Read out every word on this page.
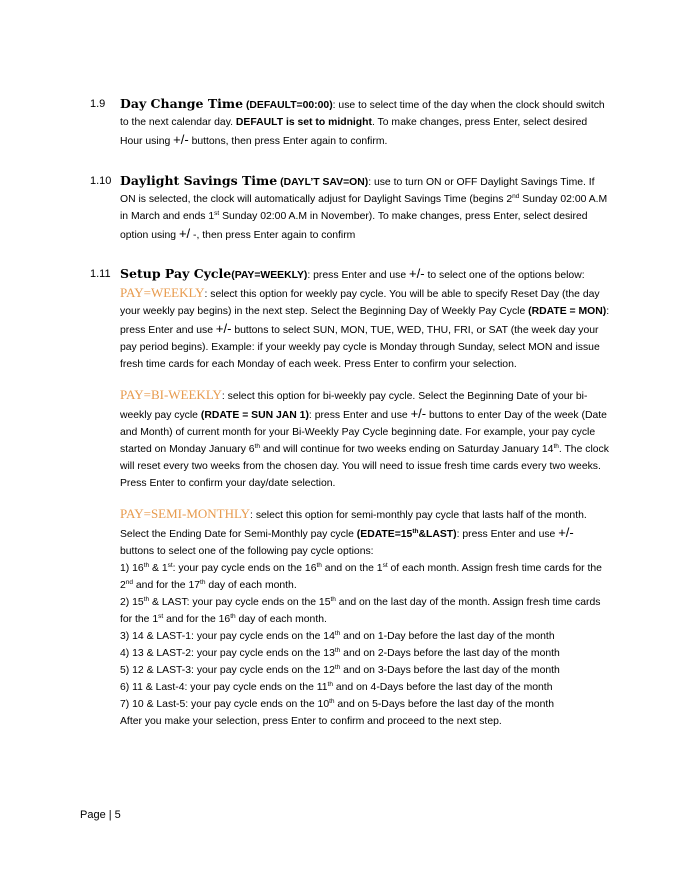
1.9 Day Change Time (DEFAULT=00:00): use to select time of the day when the clock should switch to the next calendar day. DEFAULT is set to midnight. To make changes, press Enter, select desired Hour using +/- buttons, then press Enter again to confirm.
1.10 Daylight Savings Time (DAYL’T SAV=ON): use to turn ON or OFF Daylight Savings Time. If ON is selected, the clock will automatically adjust for Daylight Savings Time (begins 2nd Sunday 02:00 A.M in March and ends 1st Sunday 02:00 A.M in November). To make changes, press Enter, select desired option using +/ -, then press Enter again to confirm
1.11 Setup Pay Cycle(PAY=WEEKLY): press Enter and use +/- to select one of the options below:
PAY=WEEKLY: select this option for weekly pay cycle. You will be able to specify Reset Day (the day your weekly pay begins) in the next step. Select the Beginning Day of Weekly Pay Cycle (RDATE = MON): press Enter and use +/- buttons to select SUN, MON, TUE, WED, THU, FRI, or SAT (the week day your pay period begins). Example: if your weekly pay cycle is Monday through Sunday, select MON and issue fresh time cards for each Monday of each week. Press Enter to confirm your selection.
PAY=BI-WEEKLY: select this option for bi-weekly pay cycle. Select the Beginning Date of your bi-weekly pay cycle (RDATE = SUN JAN 1): press Enter and use +/- buttons to enter Day of the week (Date and Month) of current month for your Bi-Weekly Pay Cycle beginning date. For example, your pay cycle started on Monday January 6th and will continue for two weeks ending on Saturday January 14th. The clock will reset every two weeks from the chosen day. You will need to issue fresh time cards every two weeks. Press Enter to confirm your day/date selection.
PAY=SEMI-MONTHLY: select this option for semi-monthly pay cycle that lasts half of the month.
Select the Ending Date for Semi-Monthly pay cycle (EDATE=15th&LAST): press Enter and use +/- buttons to select one of the following pay cycle options:
1) 16th & 1st: your pay cycle ends on the 16th and on the 1st of each month. Assign fresh time cards for the 2nd and for the 17th day of each month.
2) 15th & LAST: your pay cycle ends on the 15th and on the last day of the month. Assign fresh time cards for the 1st and for the 16th day of each month.
3) 14 & LAST-1: your pay cycle ends on the 14th and on 1-Day before the last day of the month
4) 13 & LAST-2: your pay cycle ends on the 13th and on 2-Days before the last day of the month
5) 12 & LAST-3: your pay cycle ends on the 12th and on 3-Days before the last day of the month
6) 11 & Last-4: your pay cycle ends on the 11th and on 4-Days before the last day of the month
7) 10 & Last-5: your pay cycle ends on the 10th and on 5-Days before the last day of the month
After you make your selection, press Enter to confirm and proceed to the next step.
Page | 5
